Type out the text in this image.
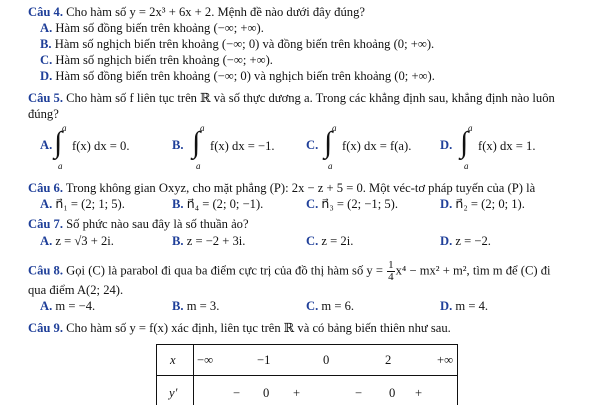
Câu 4. Cho hàm số y = 2x³ + 6x + 2. Mệnh đề nào dưới đây đúng?
A. Hàm số đồng biến trên khoảng (−∞; +∞).
B. Hàm số nghịch biến trên khoảng (−∞; 0) và đồng biến trên khoảng (0; +∞).
C. Hàm số nghịch biến trên khoảng (−∞; +∞).
D. Hàm số đồng biến trên khoảng (−∞; 0) và nghịch biến trên khoảng (0; +∞).
Câu 5. Cho hàm số f liên tục trên ℝ và số thực dương a. Trong các khẳng định sau, khẳng định nào luôn
đúng?
A.
a
∫
a
f(x) dx = 0.	B.
a
∫
a
f(x) dx = −1. C.
a
∫
a
f(x) dx = f(a). D.
a
∫
a
f(x) dx = 1.
Câu 6. Trong không gian Oxyz, cho mặt phẳng (P): 2x − z + 5 = 0. Một véc-tơ pháp tuyến của (P) là
A. n⃗₁ = (2; 1; 5).	B. n⃗₄ = (2; 0; −1).	C. n⃗₃ = (2; −1; 5).	D. n⃗₂ = (2; 0; 1).
Câu 7. Số phức nào sau đây là số thuần ảo?
A. z = √3 + 2i.	B. z = −2 + 3i.	C. z = 2i.	D. z = −2.
Câu 8. Gọi (C) là parabol đi qua ba điểm cực trị của đồ thị hàm số $y = \frac{1}{4} x^4 - mx^2 + m^2$, tìm m để (C) đi
qua điểm A(2; 24).
A. m = −4.	B. m = 3.	C. m = 6.	D. m = 4.
Câu 9. Cho hàm số y = f(x) xác định, liên tục trên ℝ và có bảng biến thiên như sau.
x −∞	−1	0	2	+∞
y′	− 0 +	− 0 +
